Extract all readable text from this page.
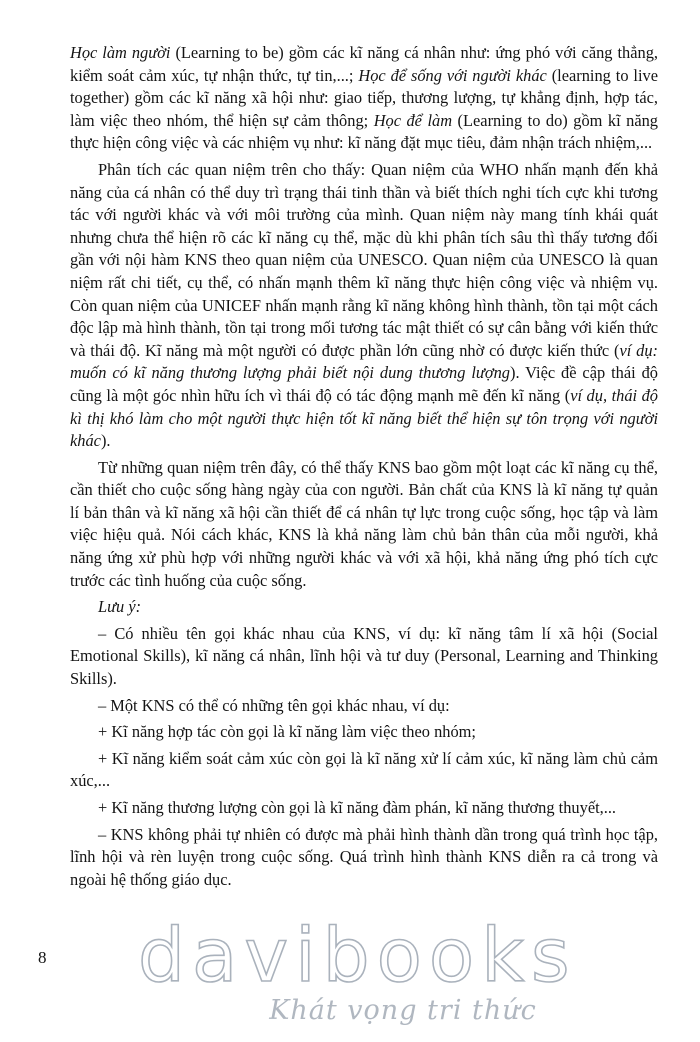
Học làm người (Learning to be) gồm các kĩ năng cá nhân như: ứng phó với căng thẳng, kiểm soát cảm xúc, tự nhận thức, tự tin,...; Học để sống với người khác (learning to live together) gồm các kĩ năng xã hội như: giao tiếp, thương lượng, tự khẳng định, hợp tác, làm việc theo nhóm, thể hiện sự cảm thông; Học để làm (Learning to do) gồm kĩ năng thực hiện công việc và các nhiệm vụ như: kĩ năng đặt mục tiêu, đảm nhận trách nhiệm,...

Phân tích các quan niệm trên cho thấy: Quan niệm của WHO nhấn mạnh đến khả năng của cá nhân có thể duy trì trạng thái tinh thần và biết thích nghi tích cực khi tương tác với người khác và với môi trường của mình. Quan niệm này mang tính khái quát nhưng chưa thể hiện rõ các kĩ năng cụ thể, mặc dù khi phân tích sâu thì thấy tương đối gần với nội hàm KNS theo quan niệm của UNESCO. Quan niệm của UNESCO là quan niệm rất chi tiết, cụ thể, có nhấn mạnh thêm kĩ năng thực hiện công việc và nhiệm vụ. Còn quan niệm của UNICEF nhấn mạnh rằng kĩ năng không hình thành, tồn tại một cách độc lập mà hình thành, tồn tại trong mối tương tác mật thiết có sự cân bằng với kiến thức và thái độ. Kĩ năng mà một người có được phần lớn cũng nhờ có được kiến thức (ví dụ: muốn có kĩ năng thương lượng phải biết nội dung thương lượng). Việc đề cập thái độ cũng là một góc nhìn hữu ích vì thái độ có tác động mạnh mẽ đến kĩ năng (ví dụ, thái độ kì thị khó làm cho một người thực hiện tốt kĩ năng biết thể hiện sự tôn trọng với người khác).

Từ những quan niệm trên đây, có thể thấy KNS bao gồm một loạt các kĩ năng cụ thể, cần thiết cho cuộc sống hàng ngày của con người. Bản chất của KNS là kĩ năng tự quản lí bản thân và kĩ năng xã hội cần thiết để cá nhân tự lực trong cuộc sống, học tập và làm việc hiệu quả. Nói cách khác, KNS là khả năng làm chủ bản thân của mỗi người, khả năng ứng xử phù hợp với những người khác và với xã hội, khả năng ứng phó tích cực trước các tình huống của cuộc sống.

Lưu ý:

– Có nhiều tên gọi khác nhau của KNS, ví dụ: kĩ năng tâm lí xã hội (Social Emotional Skills), kĩ năng cá nhân, lĩnh hội và tư duy (Personal, Learning and Thinking Skills).

– Một KNS có thể có những tên gọi khác nhau, ví dụ:

+ Kĩ năng hợp tác còn gọi là kĩ năng làm việc theo nhóm;

+ Kĩ năng kiểm soát cảm xúc còn gọi là kĩ năng xử lí cảm xúc, kĩ năng làm chủ cảm xúc,...

+ Kĩ năng thương lượng còn gọi là kĩ năng đàm phán, kĩ năng thương thuyết,...

– KNS không phải tự nhiên có được mà phải hình thành dần trong quá trình học tập, lĩnh hội và rèn luyện trong cuộc sống. Quá trình hình thành KNS diễn ra cả trong và ngoài hệ thống giáo dục.

8 davibooks
Khát vọng tri thức
